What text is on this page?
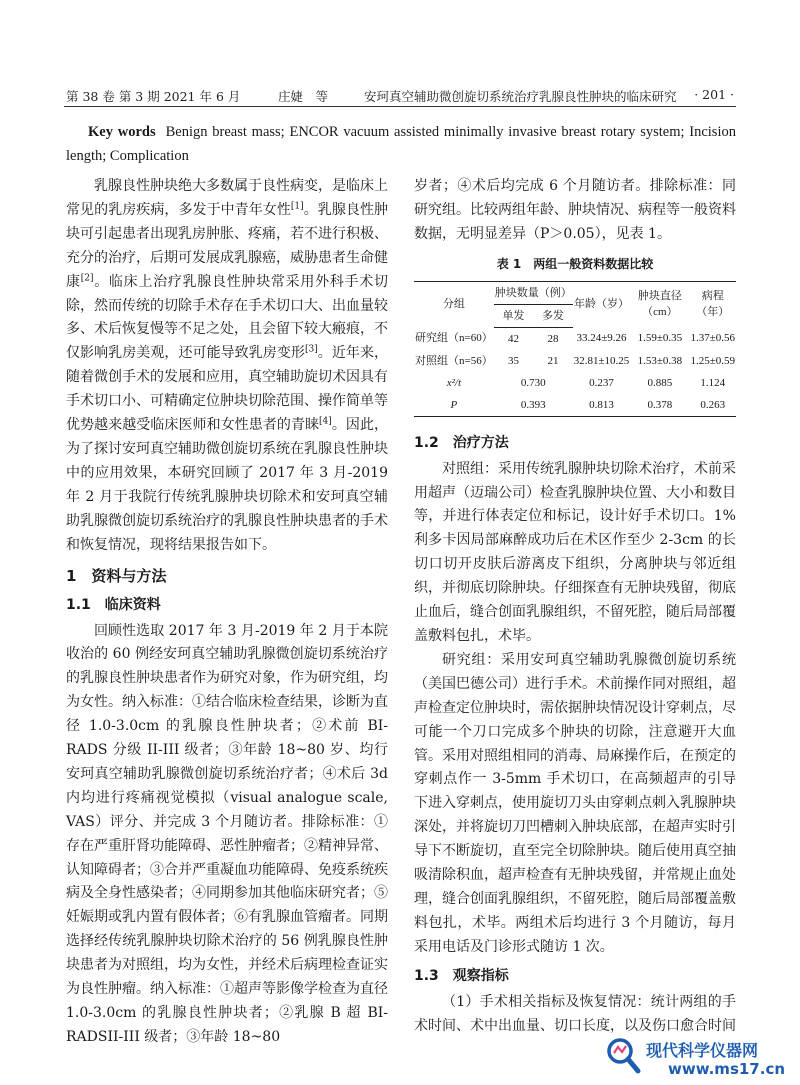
第 38 卷 第 3 期 2021 年 6 月	庄婕　等	安珂真空辅助微创旋切系统治疗乳腺良性肿块的临床研究 · 201 ·
Key words Benign breast mass; ENCOR vacuum assisted minimally invasive breast rotary system; Incision length; Complication

乳腺良性肿块绝大多数属于良性病变，是临床上常见的乳房疾病，多发于中青年女性[1]。乳腺良性肿块可引起患者出现乳房肿胀、疼痛，若不进行积极、充分的治疗，后期可发展成乳腺癌，威胁患者生命健康[2]。临床上治疗乳腺良性肿块常采用外科手术切除，然而传统的切除手术存在手术切口大、出血量较多、术后恢复慢等不足之处，且会留下较大瘢痕，不仅影响乳房美观，还可能导致乳房变形[3]。近年来，随着微创手术的发展和应用，真空辅助旋切术因具有手术切口小、可精确定位肿块切除范围、操作简单等优势越来越受临床医师和女性患者的青睐[4]。因此，为了探讨安珂真空辅助微创旋切系统在乳腺良性肿块中的应用效果，本研究回顾了 2017 年 3 月-2019 年 2 月于我院行传统乳腺肿块切除术和安珂真空辅助乳腺微创旋切系统治疗的乳腺良性肿块患者的手术和恢复情况，现将结果报告如下。

1　资料与方法
1.1　临床资料

回顾性选取 2017 年 3 月-2019 年 2 月于本院收治的 60 例经安珂真空辅助乳腺微创旋切系统治疗的乳腺良性肿块患者作为研究对象，作为研究组，均为女性。纳入标准：①结合临床检查结果，诊断为直径 1.0-3.0cm 的乳腺良性肿块者；②术前 BI-RADS 分级 II-III 级者；③年龄 18~80 岁、均行安珂真空辅助乳腺微创旋切系统治疗者；④术后 3d 内均进行疼痛视觉模拟（visual analogue scale, VAS）评分、并完成 3 个月随访者。排除标准：①存在严重肝肾功能障碍、恶性肿瘤者；②精神异常、认知障碍者；③合并严重凝血功能障碍、免疫系统疾病及全身性感染者；④同期参加其他临床研究者；⑤妊娠期或乳内置有假体者；⑥有乳腺血管瘤者。同期选择经传统乳腺肿块切除术治疗的 56 例乳腺良性肿块患者为对照组，均为女性，并经术后病理检查证实为良性肿瘤。纳入标准：①超声等影像学检查为直径 1.0-3.0cm 的乳腺良性肿块者；②乳腺 B 超 BI-RADSII-III 级者；③年龄 18~80

岁者；④术后均完成 6 个月随访者。排除标准：同研究组。比较两组年龄、肿块情况、病程等一般资料数据，无明显差异（P＞0.05），见表 1。

表 1　两组一般资料数据比较
分组	肿块数量（例）		年龄（岁）	肿块直径（cm）	病程（年）
	单发	多发			
研究组（n=60）	42	28	33.24±9.26	1.59±0.35	1.37±0.56
对照组（n=56）	35	21	32.81±10.25	1.53±0.38	1.25±0.59
x²/t	0.730		0.237	0.885	1.124
P	0.393		0.813	0.378	0.263
1.2　治疗方法

对照组：采用传统乳腺肿块切除术治疗，术前采用超声（迈瑞公司）检查乳腺肿块位置、大小和数目等，并进行体表定位和标记，设计好手术切口。1%利多卡因局部麻醉成功后在术区作至少 2-3cm 的长切口切开皮肤后游离皮下组织，分离肿块与邻近组织，并彻底切除肿块。仔细探查有无肿块残留，彻底止血后，缝合创面乳腺组织，不留死腔，随后局部覆盖敷料包扎，术毕。

研究组：采用安珂真空辅助乳腺微创旋切系统（美国巴德公司）进行手术。术前操作同对照组，超声检查定位肿块时，需依据肿块情况设计穿刺点，尽可能一个刀口完成多个肿块的切除，注意避开大血管。采用对照组相同的消毒、局麻操作后，在预定的穿刺点作一 3-5mm 手术切口，在高频超声的引导下进入穿刺点，使用旋切刀头由穿刺点刺入乳腺肿块深处，并将旋切刀凹槽刺入肿块底部，在超声实时引导下不断旋切，直至完全切除肿块。随后使用真空抽吸清除积血，超声检查有无肿块残留，并常规止血处理，缝合创面乳腺组织，不留死腔，随后局部覆盖敷料包扎，术毕。两组术后均进行 3 个月随访，每月采用电话及门诊形式随访 1 次。

1.3　观察指标

（1）手术相关指标及恢复情况：统计两组的手术时间、术中出血量、切口长度，以及伤口愈合时间

现代科学仪器网
www.ms17.cn
